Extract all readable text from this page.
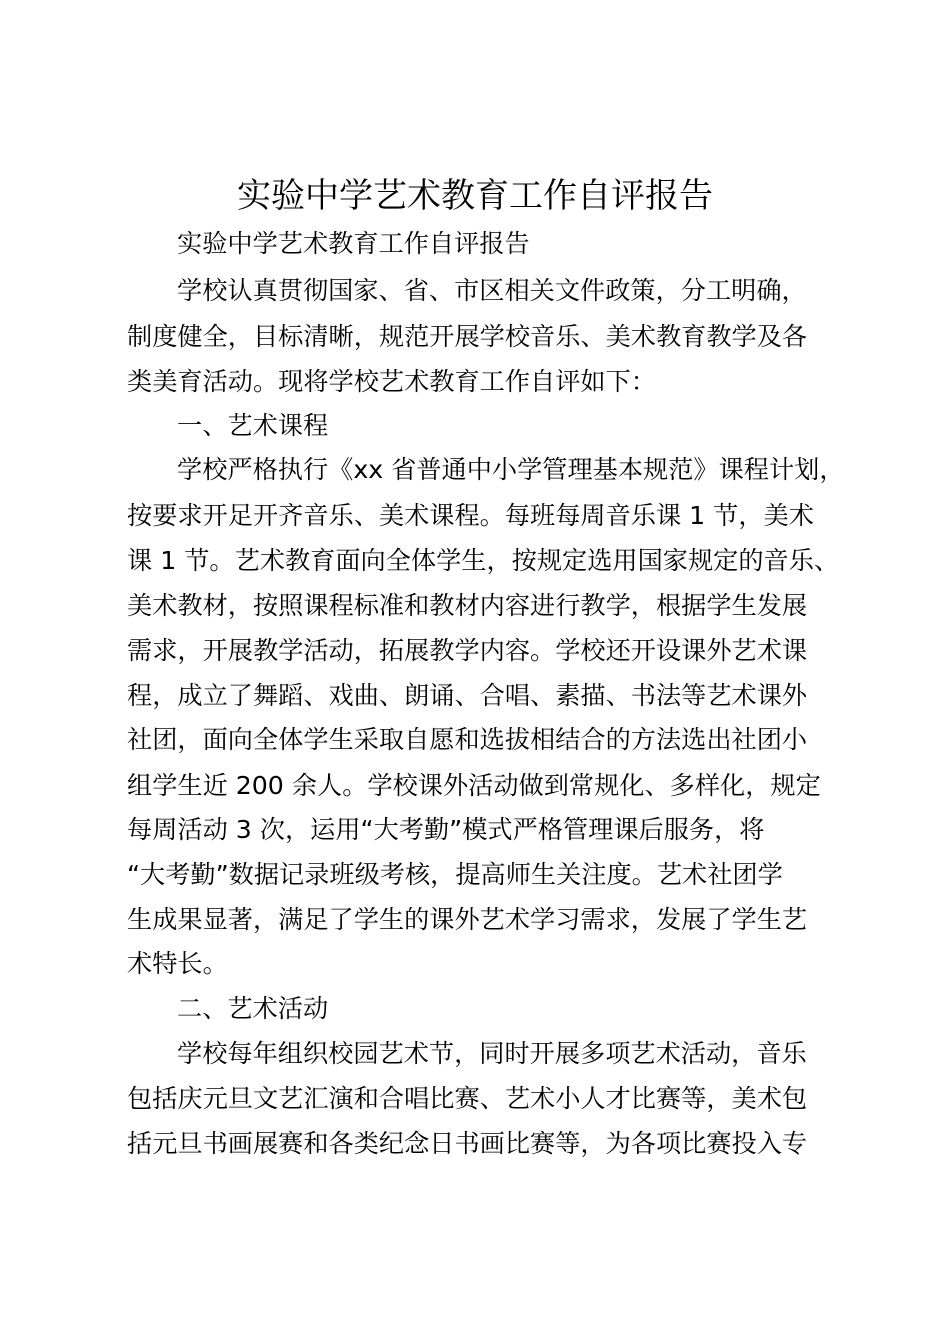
实验中学艺术教育工作自评报告
实验中学艺术教育工作自评报告
学校认真贯彻国家、省、市区相关文件政策，分工明确，
制度健全，目标清晰，规范开展学校音乐、美术教育教学及各
类美育活动。现将学校艺术教育工作自评如下：
一、艺术课程
学校严格执行《xx 省普通中小学管理基本规范》课程计划，
按要求开足开齐音乐、美术课程。每班每周音乐课 1 节，美术
课 1 节。艺术教育面向全体学生，按规定选用国家规定的音乐、
美术教材，按照课程标准和教材内容进行教学，根据学生发展
需求，开展教学活动，拓展教学内容。学校还开设课外艺术课
程，成立了舞蹈、戏曲、朗诵、合唱、素描、书法等艺术课外
社团，面向全体学生采取自愿和选拔相结合的方法选出社团小
组学生近 200 余人。学校课外活动做到常规化、多样化，规定
每周活动 3 次，运用“大考勤”模式严格管理课后服务，将
“大考勤”数据记录班级考核，提高师生关注度。艺术社团学
生成果显著，满足了学生的课外艺术学习需求，发展了学生艺
术特长。
二、艺术活动
学校每年组织校园艺术节，同时开展多项艺术活动，音乐
包括庆元旦文艺汇演和合唱比赛、艺术小人才比赛等，美术包
括元旦书画展赛和各类纪念日书画比赛等，为各项比赛投入专
